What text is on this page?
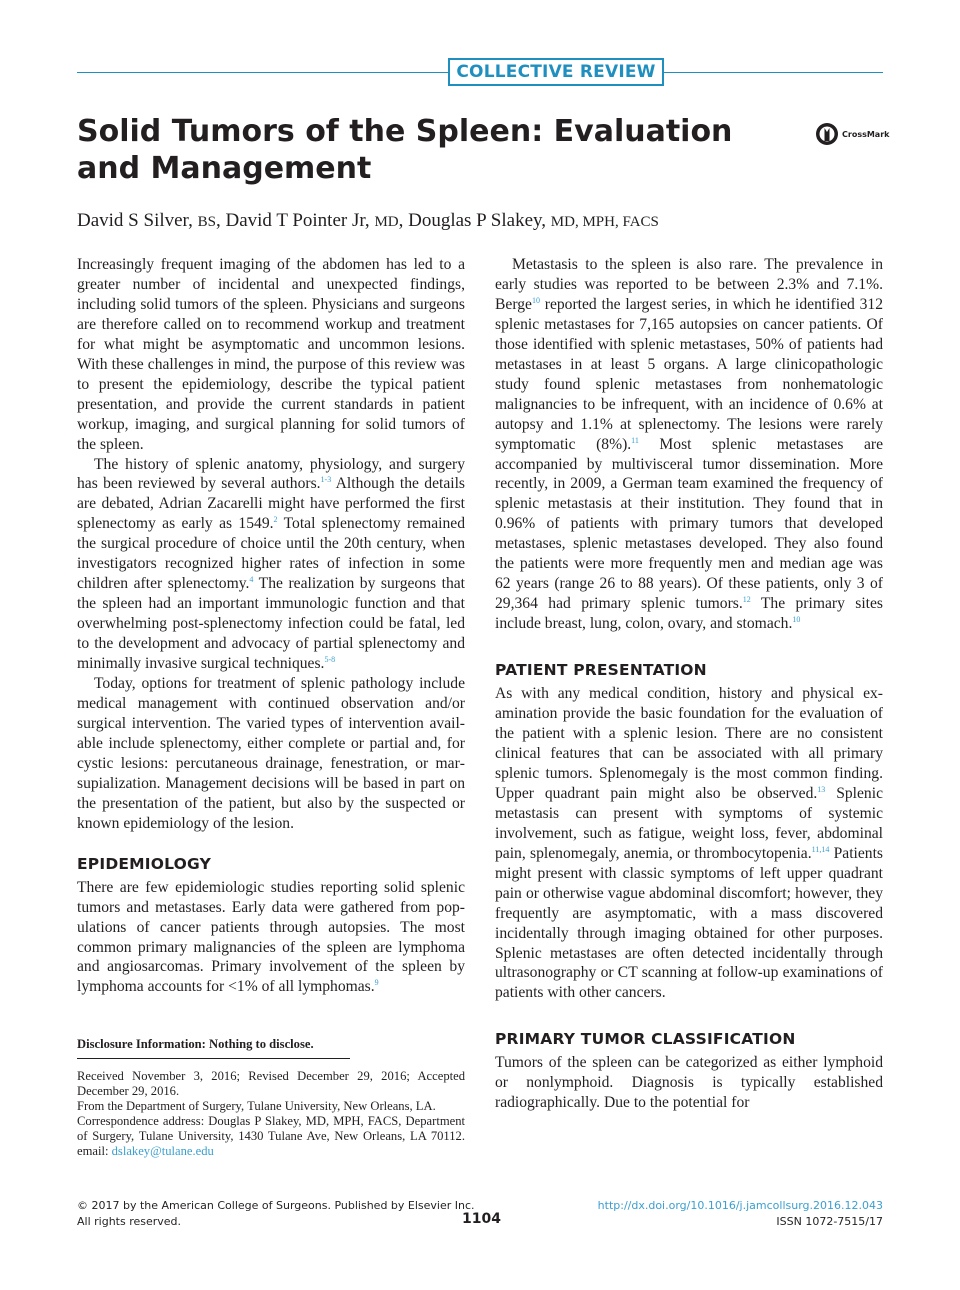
COLLECTIVE REVIEW
Solid Tumors of the Spleen: Evaluation and Management
CrossMark
David S Silver, BS, David T Pointer Jr, MD, Douglas P Slakey, MD, MPH, FACS

Increasingly frequent imaging of the abdomen has led to a greater number of incidental and unexpected findings, including solid tumors of the spleen. Physicians and surgeons are therefore called on to recommend workup and treatment for what might be asymptomatic and uncommon lesions. With these challenges in mind, the purpose of this review was to present the epidemiology, describe the typical patient presentation, and provide the current standards in patient workup, imaging, and surgical planning for solid tumors of the spleen.

The history of splenic anatomy, physiology, and surgery has been reviewed by several authors.$^{1-3}$ Although the details are debated, Adrian Zacarelli might have performed the first splenectomy as early as 1549.$^2$ Total splenectomy remained the surgical procedure of choice until the 20th century, when investigators recognized higher rates of infection in some children after splenectomy.$^4$ The realization by surgeons that the spleen had an important immunologic function and that overwhelming post-splenectomy infection could be fatal, led to the development and advocacy of partial splenectomy and minimally invasive surgical techniques.$^{5-8}$

Today, options for treatment of splenic pathology include medical management with continued observation and/or surgical intervention. The varied types of intervention available include splenectomy, either complete or partial and, for cystic lesions: percutaneous drainage, fenestration, or marsupialization. Management decisions will be based in part on the presentation of the patient, but also by the suspected or known epidemiology of the lesion.

EPIDEMIOLOGY

There are few epidemiologic studies reporting solid splenic tumors and metastases. Early data were gathered from populations of cancer patients through autopsies. The most common primary malignancies of the spleen are lymphoma and angiosarcomas. Primary involvement of the spleen by lymphoma accounts for <1% of all lymphomas.$^9$

Disclosure Information: Nothing to disclose.

Received November 3, 2016; Revised December 29, 2016; Accepted December 29, 2016.

From the Department of Surgery, Tulane University, New Orleans, LA.

Correspondence address: Douglas P Slakey, MD, MPH, FACS, Department of Surgery, Tulane University, 1430 Tulane Ave, New Orleans, LA 70112. email: dslakey@tulane.edu

Metastasis to the spleen is also rare. The prevalence in early studies was reported to be between 2.3% and 7.1%. Berge$^{10}$ reported the largest series, in which he identified 312 splenic metastases for 7,165 autopsies on cancer patients. Of those identified with splenic metastases, 50% of patients had metastases in at least 5 organs. A large clinicopathologic study found splenic metastases from nonhematologic malignancies to be infrequent, with an incidence of 0.6% at autopsy and 1.1% at splenectomy. The lesions were rarely symptomatic (8%).$^{11}$ Most splenic metastases are accompanied by multivisceral tumor dissemination. More recently, in 2009, a German team examined the frequency of splenic metastasis at their institution. They found that in 0.96% of patients with primary tumors that developed metastases, splenic metastases developed. They also found the patients were more frequently men and median age was 62 years (range 26 to 88 years). Of these patients, only 3 of 29,364 had primary splenic tumors.$^{12}$ The primary sites include breast, lung, colon, ovary, and stomach.$^{10}$

PATIENT PRESENTATION

As with any medical condition, history and physical examination provide the basic foundation for the evaluation of the patient with a splenic lesion. There are no consistent clinical features that can be associated with all primary splenic tumors. Splenomegaly is the most common finding. Upper quadrant pain might also be observed.$^{13}$ Splenic metastasis can present with symptoms of systemic involvement, such as fatigue, weight loss, fever, abdominal pain, splenomegaly, anemia, or thrombocytopenia.$^{11,14}$ Patients might present with classic symptoms of left upper quadrant pain or otherwise vague abdominal discomfort; however, they frequently are asymptomatic, with a mass discovered incidentally through imaging obtained for other purposes. Splenic metastases are often detected incidentally through ultrasonography or CT scanning at follow-up examinations of patients with other cancers.

PRIMARY TUMOR CLASSIFICATION

Tumors of the spleen can be categorized as either lymphoid or nonlymphoid. Diagnosis is typically established radiographically. Due to the potential for

© 2017 by the American College of Surgeons. Published by Elsevier Inc.
All rights reserved.	1104
http://dx.doi.org/10.1016/j.jamcollsurg.2016.12.043
ISSN 1072-7515/17
